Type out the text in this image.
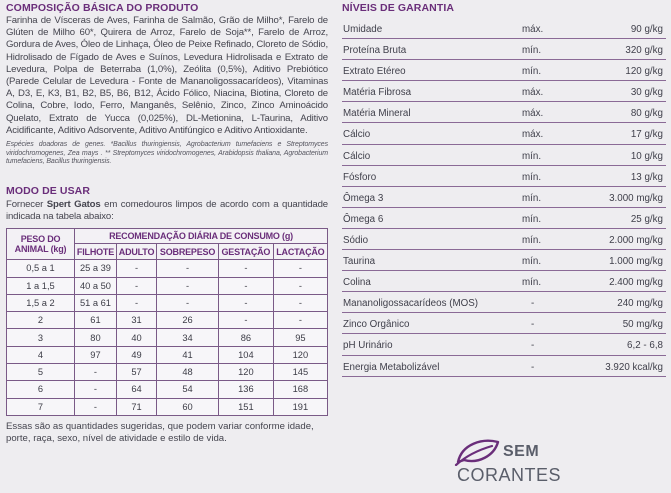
COMPOSIÇÃO BÁSICA DO PRODUTO

Farinha de Vísceras de Aves, Farinha de Salmão, Grão de Milho*, Farelo de Glúten de Milho 60*, Quirera de Arroz, Farelo de Soja**, Farelo de Arroz, Gordura de Aves, Óleo de Linhaça, Óleo de Peixe Refinado, Cloreto de Sódio, Hidrolisado de Fígado de Aves e Suínos, Levedura Hidrolisada e Extrato de Levedura, Polpa de Beterraba (1,0%), Zeólita (0,5%), Aditivo Prebiótico (Parede Celular de Levedura - Fonte de Mananoligossacarídeos), Vitaminas A, D3, E, K3, B1, B2, B5, B6, B12, Ácido Fólico, Niacina, Biotina, Cloreto de Colina, Cobre, Iodo, Ferro, Manganês, Selênio, Zinco, Zinco Aminoácido Quelato, Extrato de Yucca (0,025%), DL-Metionina, L-Taurina, Aditivo Acidificante, Aditivo Adsorvente, Aditivo Antifúngico e Aditivo Antioxidante.

Espécies doadoras de genes. *Bacillus thuringiensis, Agrobacterium tumefaciens e Streptomyces viridochromogenes, Zea mays . ** Streptomyces viridochromogenes, Arabidopsis thaliana, Agrobacterium tumefaciens, Bacillus thuringiensis.

MODO DE USAR

Fornecer Spert Gatos em comedouros limpos de acordo com a quantidade indicada na tabela abaixo:

PESO DO ANIMAL (kg)	RECOMENDAÇÃO DIÁRIA DE CONSUMO (g)				
	FILHOTE	ADULTO	SOBREPESO	GESTAÇÃO	LACTAÇÃO
0,5 a 1	25 a 39	-	-	-	-
1 a 1,5	40 a 50	-	-	-	-
1,5 a 2	51 a 61	-	-	-	-
2	61	31	26	-	-
3	80	40	34	86	95
4	97	49	41	104	120
5	-	57	48	120	145
6	-	64	54	136	168
7	-	71	60	151	191

Essas são as quantidades sugeridas, que podem variar conforme idade, porte, raça, sexo, nível de atividade e estilo de vida.

NÍVEIS DE GARANTIA
Umidade	máx.	90 g/kg
Proteína Bruta	mín.	320 g/kg
Extrato Etéreo	mín.	120 g/kg
Matéria Fibrosa	máx.	30 g/kg
Matéria Mineral	máx.	80 g/kg
Cálcio	máx.	17 g/kg
Cálcio	mín.	10 g/kg
Fósforo	mín.	13 g/kg
Ômega 3	mín.	3.000 mg/kg
Ômega 6	mín.	25 g/kg
Sódio	mín.	2.000 mg/kg
Taurina	mín.	1.000 mg/kg
Colina	mín.	2.400 mg/kg
Mananoligossacarídeos (MOS)	-	240 mg/kg
Zinco Orgânico	-	50 mg/kg
pH Urinário	-	6,2 - 6,8
Energia Metabolizável	-	3.920 kcal/kg
SEM
CORANTES
